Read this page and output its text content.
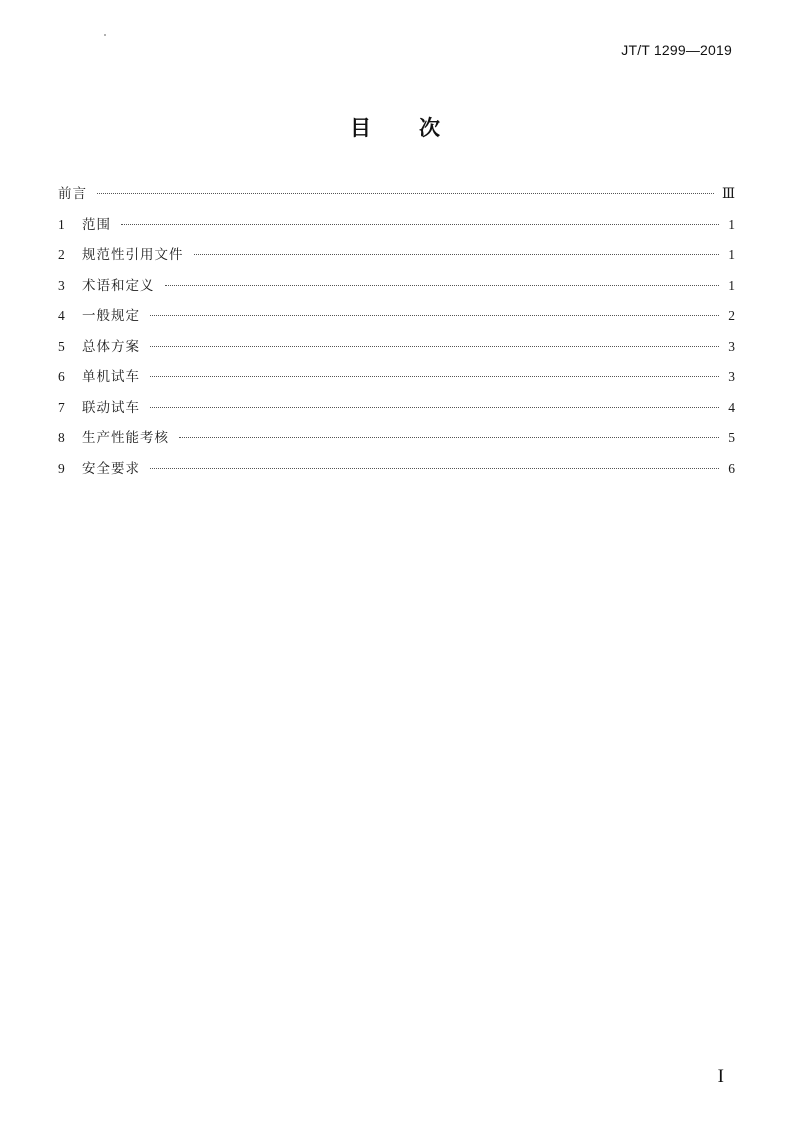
JT/T 1299—2019
目次
前言	Ⅲ
1	范围	1
2	规范性引用文件	1
3	术语和定义	1
4	一般规定	2
5	总体方案	3
6	单机试车	3
7	联动试车	4
8	生产性能考核	5
9	安全要求	6
I
